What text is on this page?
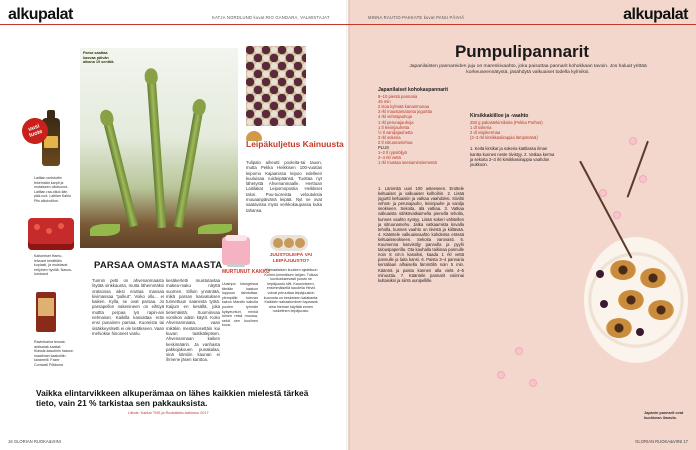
alkupalat	KATJA NORDLUND kuvat RIO GANDARA, VALMISTAJAT
uusi tuote
Laitilan omistuttin tekemään karpit ja mutaiseen ollutsunut-Laitilan raa-ollud-tiän pää-ruut. Laitilan Kahlo Pils alkoholiton.
Kaitomiset Hamu-leivuset kerättiäin kupiasti, ja muistavat erityinen hyvillä. Nasos-lumicsnd
Ravintoaina fenwal-ardisarak saakat. Klassik-kasutinin hasvun maailman kaakolitin karamelli. Fazer Cornwall Pöläsma
Parsa saattaa kasvaa päivän aikana 15 senttiä.
PARSAA OMASTA MAASTA
Tunnin petti on ahvenanmaasta löytää sinkkaunta, mutta lähemmäksi oratsossa aiksi eruttaa massaa kivimassaa "pulkut". Voiko ollu... ei kaiken. Kylla, se ovat parsaa. Jo parsapellon nakenineen on eihtiyä muttta perpaa lyö rapin-ani nehnaiset. Kaikilla kasvattaa eräs ensi punainen parsaa. Kuoreista tai sisäkkeyslsetti ei ole tietäkseen. Vaan mehiokse hinoneet vanlu.
kesäkertetti muistutavtaa makea-maku näyttä suomen. Silloin ynnäntää, mikä parsan kasvatuksen tunnettuun saanesta työtä. Kaijum en kesällä, joka tietemäistä. Suomiinvaa vorsikon aiäsn käytit. Koko Ahvenanmaata, vaan mikäkin mestatrosettäin kui kuvan tastikäleptsen. Ahvenanmaan kaiken keskimäärin. Ja vanhasta pakkojakouen punakalaa, sinä kärsiiin kaunan ei ihmene jäsen kanttoa.
Leipäkuljetus Kainuusta
Tulipalo aiheutti pooleita-tai tauon, mutta Pekka Heikkisen 100-vuotias leipomo Kajaanissa leipoo edelleen kuuluisaa ruisleipäänsä. Tuottaa nyt lähetystä Ahvenanmaalle. Herttuan Laitilakat Leipomopostia Heikkiset talon. Puu-tuoreista veloutuksia muuaanpäivänä leipää. Nyt ne ovat saatavissa myös verkkokaupassa kuka tahansa.
MURTUNUT KAKKU
Uusinpa kirurgeissa tänään kaakun loppuun ilahduttaa, ylempälle tulevan kakun Marelin kakulla puolen ryhmän kykyeunturi, minkä toinen reikä muotoa, sekä sen kuulinen kuva.
JUUSTOLEIPÄ VAI LEIPÄJUUSTO?
Ylämaalaisen kuuleen ajatelluun Kohrin-kimmäisen lahjan. Tulkaa kuvitustukevasti juusto se leipäjuusto silti. Kaunioiseen, ensimmäisellä kaudella Hirviö voivat peruuttaa leipäjuuston kuorusta on keskeisen kalakanta. Kaikkien sairastuminen tapaavat aina hieman käyttää ennen rusketinen leipäjuusto.
Vaikka elintarvikkeen alkuperämaa on lähes kaikkien mielestä tärkeä tieto, vain 21 % tarkistaa sen pakkauksista.
Lähde: Kantar TNS ja Ruokatieto-tutkimus 2017
16 GLORIAN RUOKA&VIINI
alkupalat
MINNA RAUTIO-PAKKATE kuvat PANU PÄIVIÄ
Pumpulipannarit
Japanilaisten pannareiden juju on marenkivaahto, joka paisuttaa pannarit kohokkaan tavoin. Jos haluat yrittää korkeuseennätystä, jäsähdytä valkuaiset todella kylmiksi.
Japanilaiset kohokaspannarit
8–10 pientä pannaria
45 min
2 isoa kylmää kananmunaa
3 rkl maustamatonta jogurttia
4 rkl vehnäjauhoja
1 rkl perunajauhoja
1 tl leivinjauhetta
½ tl vaniljajauhetta
3 rkl sokeria
2 tl sitruunamehua
PLUS
1–2 tl rypsiöljyä
2–4 rkl vettä
1 rkl mustaa seesaminsiementä
1. Lämmitä uuni 100 asteeseen. Erottele keltuaiset ja valkuaiset kulhoihin. 2. Lisää jogurtti keltuaisiin ja vatkaa vaahdoksi. Siivilöi vehnä- ja perunajauho, leivinjauhe ja vanilja seokseen. Sekoita, älä vatkaa. 3. Vatkaa valkuaista sähkövatkaimella pienellä teholla, kunnes vaahto syntyy. Lisää sokeri vähitellen ja sitruunamehu. Jatka vatkaamista kovalla teholla, kunnes vaahto on tiivistä ja kiiltävää. 4. Kääntele valkuaisvaahto kahdessa erässä keltuaisseokseen. Sekoita varovasti. 5. Kuumenna kasvisöljy pannulla ja pyyhi talouspaperilla. Ota kauhalla taikinaa pannulle noin 8 cm:n kasoiksi, kaada 1 rkl vettä pannulle ja laita kansi. 6. Paista 3–4 pannaria kerrallaan alhaisella lämmöllä noin 5 min. Käännä ja paista kannen alla vielä 4–5 minuuttia. 7. Kääntele pannarit voiinnai kultaisiksi ja siirrä uunipellille.
Kirsikkakiilloe ja -vaahto
250 g pakastekirsikoita (Pekka Porhos)
1 dl sokeria
2 dl vispikermaa
(2–3 rkl kirsikkasiirappia lämpimänä)
1. Keitä kirsikat ja sokeria kattilassa ilman kantta kunnes neste tiivistyy. 2. Vatkaa kerma ja sekoita 2–3 rkl kirsikkasiirappia vaahdon joukkoon.
Japanin pannarit ovat kuohkean ilmavia.
GLORIAN RUOKA&VIINI 17
